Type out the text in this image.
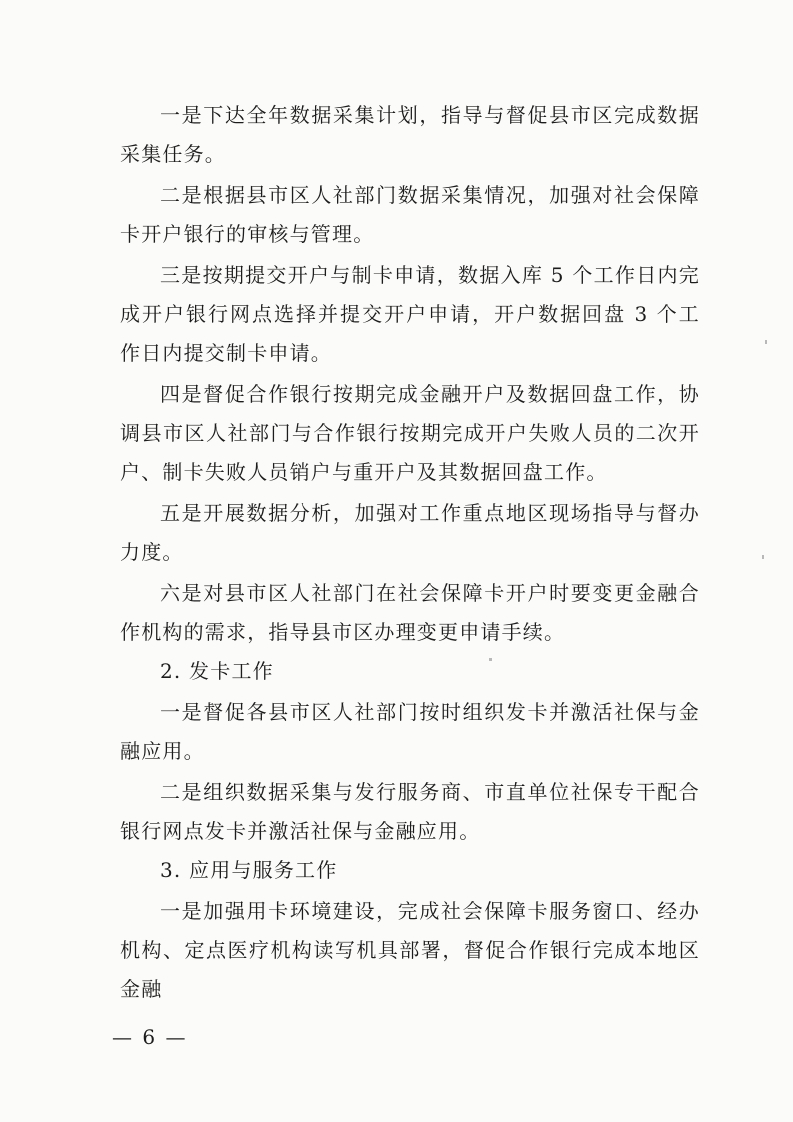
一是下达全年数据采集计划，指导与督促县市区完成数据采集任务。

二是根据县市区人社部门数据采集情况，加强对社会保障卡开户银行的审核与管理。

三是按期提交开户与制卡申请，数据入库 5 个工作日内完成开户银行网点选择并提交开户申请，开户数据回盘 3 个工作日内提交制卡申请。

四是督促合作银行按期完成金融开户及数据回盘工作，协调县市区人社部门与合作银行按期完成开户失败人员的二次开户、制卡失败人员销户与重开户及其数据回盘工作。

五是开展数据分析，加强对工作重点地区现场指导与督办力度。

六是对县市区人社部门在社会保障卡开户时要变更金融合作机构的需求，指导县市区办理变更申请手续。

2. 发卡工作

一是督促各县市区人社部门按时组织发卡并激活社保与金融应用。

二是组织数据采集与发行服务商、市直单位社保专干配合银行网点发卡并激活社保与金融应用。

3. 应用与服务工作

一是加强用卡环境建设，完成社会保障卡服务窗口、经办机构、定点医疗机构读写机具部署，督促合作银行完成本地区金融

— 6 —
